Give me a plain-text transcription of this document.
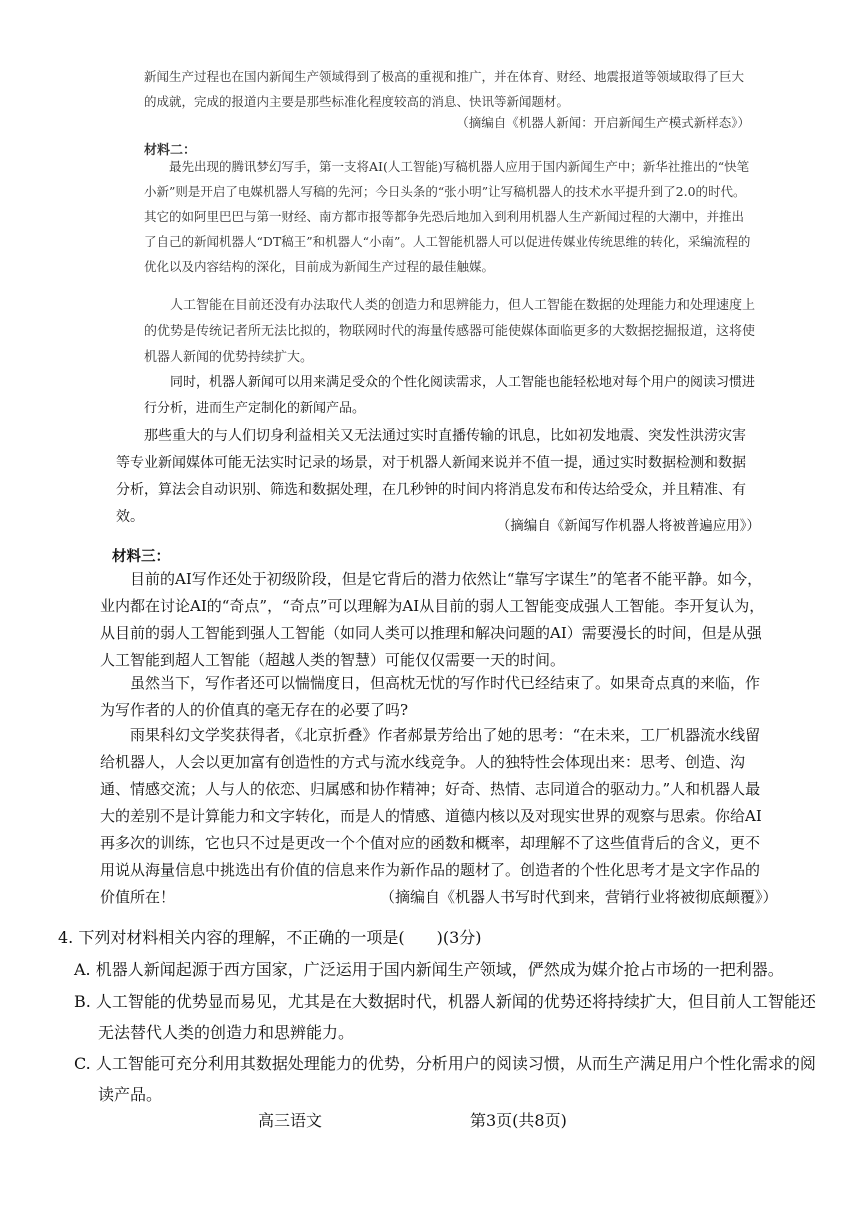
新闻生产过程也在国内新闻生产领域得到了极高的重视和推广，并在体育、财经、地震报道等领域取得了巨大的成就，完成的报道内主要是那些标准化程度较高的消息、快讯等新闻题材。
（摘编自《机器人新闻：开启新闻生产模式新样态》）
材料二：
最先出现的腾讯梦幻写手，第一支将AI(人工智能)写稿机器人应用于国内新闻生产中；新华社推出的“快笔小新”则是开启了电媒机器人写稿的先河；今日头条的“张小明”让写稿机器人的技术水平提升到了2.0的时代。其它的如阿里巴巴与第一财经、南方都市报等都争先恐后地加入到利用机器人生产新闻过程的大潮中，并推出了自己的新闻机器人“DT稿王”和机器人“小南”。人工智能机器人可以促进传媒业传统思维的转化，采编流程的优化以及内容结构的深化，目前成为新闻生产过程的最佳触媒。
人工智能在目前还没有办法取代人类的创造力和思辨能力，但人工智能在数据的处理能力和处理速度上的优势是传统记者所无法比拟的，物联网时代的海量传感器可能使媒体面临更多的大数据挖掘报道，这将使机器人新闻的优势持续扩大。
同时，机器人新闻可以用来满足受众的个性化阅读需求，人工智能也能轻松地对每个用户的阅读习惯进行分析，进而生产定制化的新闻产品。
那些重大的与人们切身利益相关又无法通过实时直播传输的讯息，比如初发地震、突发性洪涝灾害等专业新闻媒体可能无法实时记录的场景，对于机器人新闻来说并不值一提，通过实时数据检测和数据分析，算法会自动识别、筛选和数据处理，在几秒钟的时间内将消息发布和传达给受众，并且精准、有效。
（摘编自《新闻写作机器人将被普遍应用》）
材料三：
目前的AI写作还处于初级阶段，但是它背后的潜力依然让“靠写字谋生”的笔者不能平静。如今，业内都在讨论AI的“奇点”，“奇点”可以理解为AI从目前的弱人工智能变成强人工智能。李开复认为，从目前的弱人工智能到强人工智能（如同人类可以推理和解决问题的AI）需要漫长的时间，但是从强人工智能到超人工智能（超越人类的智慧）可能仅仅需要一天的时间。
虽然当下，写作者还可以惴惴度日，但高枕无忧的写作时代已经结束了。如果奇点真的来临，作为写作者的人的价值真的毫无存在的必要了吗?
雨果科幻文学奖获得者，《北京折叠》作者郝景芳给出了她的思考：“在未来，工厂机器流水线留给机器人，人会以更加富有创造性的方式与流水线竞争。人的独特性会体现出来：思考、创造、沟通、情感交流；人与人的依恋、归属感和协作精神；好奇、热情、志同道合的驱动力。”人和机器人最大的差别不是计算能力和文字转化，而是人的情感、道德内核以及对现实世界的观察与思索。你给AI再多次的训练，它也只不过是更改一个个值对应的函数和概率，却理解不了这些值背后的含义，更不用说从海量信息中挑选出有价值的信息来作为新作品的题材了。创造者的个性化思考才是文字作品的价值所在！	（摘编自《机器人书写时代到来，营销行业将被彻底颠覆》）
4. 下列对材料相关内容的理解，不正确的一项是(　　)(3分)
A. 机器人新闻起源于西方国家，广泛运用于国内新闻生产领域，俨然成为媒介抢占市场的一把利器。
B. 人工智能的优势显而易见，尤其是在大数据时代，机器人新闻的优势还将持续扩大，但目前人工智能还无法替代人类的创造力和思辨能力。
C. 人工智能可充分利用其数据处理能力的优势，分析用户的阅读习惯，从而生产满足用户个性化需求的阅读产品。
高三语文	第3页(共8页)
